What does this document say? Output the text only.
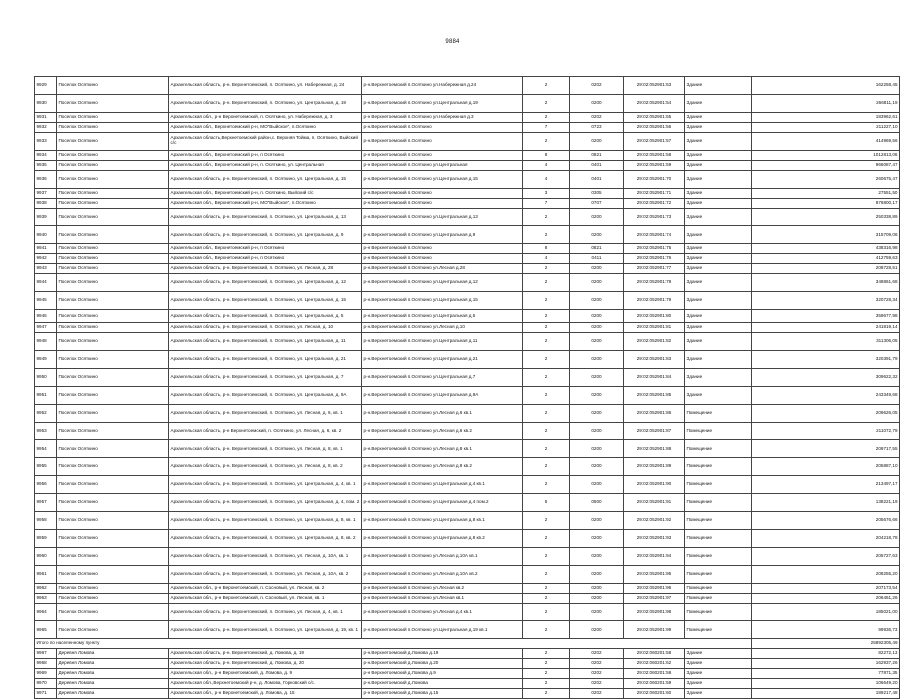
9884
9929	Поселок Осяткино	Архангельская область, р-н. Верхнетоемский, п. Осяткино, ул. Набережная, д. 24	р-н.Верхнетоемский п.Осяткино ул.Набережная д.24	2	0202	29:02:052901:53	Здание	162258,45
9930	Поселок Осяткино	Архангельская область, р-н. Верхнетоемский, п. Осяткино, ул. Центральная, д. 19	р-н.Верхнетоемский п.Осяткино ул.Центральная д.19	2	0200	29:02:052901:54	Здание	266811,19
9931	Поселок Осяткино	Архангельская обл., р-н Верхнетоемский, п. Осяткино, ул. Набережная, д. 3	р-н Верхнетоемский п.Осяткино ул.Набережная д.3	2	0202	29:02:052901:55	Здание	183962,61
9932	Поселок Осяткино	Архангельская обл., Верхнетоемский р-н, МО"Выйское", п.Осяткино	р-н.Верхнетоемский п.Осяткино	7	0723	29:02:052901:56	Здание	211227,10
9933	Поселок Осяткино	Архангельская область,Верхнетоемский район,с. Верхняя Тойма, п. Осяткино, Выйский с/с	р-н.Верхнетоемский п.Осяткино	2	0200	29:02:052901:57	Здание	414969,56
9934	Поселок Осяткино	Архангельская обл., Верхнетоемский р-н, п Осяткино	р-н Верхнетоемский п.Осяткино	8	0821	29:02:052901:58	Здание	1012813,06
9935	Поселок Осяткино	Архангельская обл., Верхнетоемский р-н, п. Осяткино, ул. Центральная	р-н Верхнетоемский п.Осяткино ул.Центральная	4	0401	29:02:052901:59	Здание	966087,47
9936	Поселок Осяткино	Архангельская область, р-н. Верхнетоемский, п. Осяткино, ул. Центральная, д. 15	р-н.Верхнетоемский п.Осяткино ул.Центральная д.15	4	0401	29:02:052901:70	Здание	260675,47
9937	Поселок Осяткино	Архангельская обл., Верхнетоемский р-н, п. Осяткино, Выйский с/с	р-н.Верхнетоемский п.Осяткино	3	0305	29:02:052901:71	Здание	27551,50
9938	Поселок Осяткино	Архангельская обл., Верхнетоемский р-н, МО"Выйское", п.Осяткино	р-н.Верхнетоемский п.Осяткино	7	0707	29:02:052901:72	Здание	876800,17
9939	Поселок Осяткино	Архангельская область, р-н. Верхнетоемский, п. Осяткино, ул. Центральная, д. 13	р-н.Верхнетоемский п.Осяткино ул.Центральная д.13	2	0200	29:02:052901:73	Здание	250338,89
9940	Поселок Осяткино	Архангельская область, р-н. Верхнетоемский, п. Осяткино, ул. Центральная, д. 9	р-н.Верхнетоемский п.Осяткино ул.Центральная д.9	2	0200	29:02:052901:74	Здание	315709,06
9941	Поселок Осяткино	Архангельская обл., Верхнетоемский р-н, п Осяткино	р-н Верхнетоемский п.Осяткино	8	0821	29:02:052901:75	Здание	438316,98
9942	Поселок Осяткино	Архангельская обл., Верхнетоемский р-н, п Осяткино	р-н Верхнетоемский п.Осяткино	4	0411	29:02:052901:76	Здание	412759,63
9943	Поселок Осяткино	Архангельская область, р-н. Верхнетоемский, п. Осяткино, ул. Лесная, д. 28	р-н.Верхнетоемский п.Осяткино ул.Лесная д.28	2	0200	29:02:052901:77	Здание	208728,51
9944	Поселок Осяткино	Архангельская область, р-н. Верхнетоемский, п. Осяткино, ул. Центральная, д. 12	р-н.Верхнетоемский п.Осяткино ул.Центральная д.12	2	0200	29:02:052901:78	Здание	348861,68
9945	Поселок Осяткино	Архангельская область, р-н. Верхнетоемский, п. Осяткино, ул. Центральная, д. 15	р-н.Верхнетоемский п.Осяткино ул.Центральная д.15	2	0200	29:02:052901:79	Здание	320728,34
9946	Поселок Осяткино	Архангельская область, р-н. Верхнетоемский, п. Осяткино, ул. Центральная, д. 5	р-н.Верхнетоемский п.Осяткино ул.Центральная д.5	2	0200	29:02:052901:80	Здание	359677,98
9947	Поселок Осяткино	Архангельская область, р-н. Верхнетоемский, п. Осяткино, ул. Лесная, д. 10	р-н.Верхнетоемский п.Осяткино ул.Лесная д.10	2	0200	29:02:052901:81	Здание	241819,14
9948	Поселок Осяткино	Архангельская область, р-н. Верхнетоемский, п. Осяткино, ул. Центральная, д. 11	р-н.Верхнетоемский п.Осяткино ул.Центральная д.11	2	0200	29:02:052901:82	Здание	311306,05
9949	Поселок Осяткино	Архангельская область, р-н. Верхнетоемский, п. Осяткино, ул. Центральная, д. 21	р-н.Верхнетоемский п.Осяткино ул.Центральная д.21	2	0200	29:02:052901:83	Здание	320391,79
9950	Поселок Осяткино	Архангельская область, р-н. Верхнетоемский, п. Осяткино, ул. Центральная, д. 7	р-н.Верхнетоемский п.Осяткино ул.Центральная д.7	2	0200	29:02:052901:84	Здание	309622,32
9951	Поселок Осяткино	Архангельская область, р-н. Верхнетоемский, п. Осяткино, ул. Центральная, д. 9А	р-н.Верхнетоемский п.Осяткино ул.Центральная д.9А	2	0200	29:02:052901:85	Здание	243349,68
9952	Поселок Осяткино	Архангельская область, р-н. Верхнетоемский, п. Осяткино, ул. Лесная, д. 6, кв. 1	р-н.Верхнетоемский п.Осяткино ул.Лесная д.6 кв.1	2	0200	29:02:052901:86	Помещение	209626,05
9953	Поселок Осяткино	Архангельская область, р-н Верхнетоемский, п. Осяткино, ул. Лесная, д. 6, кв. 2	р-н Верхнетоемский п.Осяткино ул.Лесная д.6 кв.2	2	0200	29:02:052901:87	Помещение	211072,79
9954	Поселок Осяткино	Архангельская область, р-н. Верхнетоемский, п. Осяткино, ул. Лесная, д. 8, кв. 1	р-н.Верхнетоемский п.Осяткино ул.Лесная д.8 кв.1	2	0200	29:02:052901:88	Помещение	209717,55
9955	Поселок Осяткино	Архангельская область, р-н. Верхнетоемский, п. Осяткино, ул. Лесная, д. 8, кв. 2	р-н.Верхнетоемский п.Осяткино ул.Лесная д.8 кв.2	2	0200	29:02:052901:89	Помещение	205887,10
9956	Поселок Осяткино	Архангельская область, р-н. Верхнетоемский, п. Осяткино, ул. Центральная, д. 4, кв. 1	р-н.Верхнетоемский п.Осяткино ул.Центральная д.4 кв.1	2	0200	29:02:052901:90	Помещение	213497,17
9957	Поселок Осяткино	Архангельская область, р-н. Верхнетоемский, п. Осяткино, ул. Центральная, д. 4, пом. 2	р-н.Верхнетоемский п.Осяткино ул.Центральная д.4 пом.2	5	0500	29:02:052901:91	Помещение	138221,19
9958	Поселок Осяткино	Архангельская область, р-н. Верхнетоемский, п. Осяткино, ул. Центральная, д. 8, кв. 1	р-н.Верхнетоемский п.Осяткино ул.Центральная д.8 кв.1	2	0200	29:02:052901:92	Помещение	205676,66
9959	Поселок Осяткино	Архангельская область, р-н. Верхнетоемский, п. Осяткино, ул. Центральная, д. 8, кв. 2	р-н.Верхнетоемский п.Осяткино ул.Центральная д.8 кв.2	2	0200	29:02:052901:93	Помещение	204218,78
9960	Поселок Осяткино	Архангельская область, р-н. Верхнетоемский, п. Осяткино, ул. Лесная, д. 10А, кв. 1	р-н.Верхнетоемский п.Осяткино ул.Лесная д.10А кв.1	2	0200	29:02:052901:94	Помещение	205727,63
9961	Поселок Осяткино	Архангельская область, р-н. Верхнетоемский, п. Осяткино, ул. Лесная, д. 10А, кв. 2	р-н.Верхнетоемский п.Осяткино ул.Лесная д.10А кв.2	2	0200	29:02:052901:95	Помещение	208255,20
9962	Поселок Осяткино	Архангельская обл., р-н Верхнетоемский, п. Сосновый, ул. Лесная, кв. 2	р-н Верхнетоемский п.Осяткино ул.Лесная кв.2	2	0200	29:02:052901:96	Помещение	207173,54
9963	Поселок Осяткино	Архангельская обл., р-н Верхнетоемский, п. Сосновый, ул. Лесная, кв. 1	р-н Верхнетоемский п.Осяткино ул.Лесная кв.1	2	0200	29:02:052901:97	Помещение	206451,26
9964	Поселок Осяткино	Архангельская область, р-н. Верхнетоемский, п. Осяткино, ул. Лесная, д. 4, кв. 1	р-н.Верхнетоемский п.Осяткино ул.Лесная д.4 кв.1	2	0200	29:02:052901:98	Помещение	185021,00
9965	Поселок Осяткино	Архангельская область, р-н. Верхнетоемский, п. Осяткино, ул. Центральная, д. 19, кв. 1	р-н.Верхнетоемский п.Осяткино ул.Центральная д.19 кв.1	2	0200	29:02:052901:99	Помещение	99936,73
Итого по населенному пункту								25892305,49
9967	Деревня Ломова	Архангельская область, р-н. Верхнетоемский, д. Ломова, д. 19	р-н.Верхнетоемский д.Ломова д.19	2	0202	29:02:060201:58	Здание	82272,13
9968	Деревня Ломова	Архангельская область, р-н. Верхнетоемский, д. Ломова, д. 20	р-н.Верхнетоемский д.Ломова д.20	2	0202	29:02:060201:62	Здание	162937,26
9969	Деревня Ломова	Архангельская обл., р-н Верхнетоемский, д. Ломова, д. 9	р-н Верхнетоемский д.Ломова д.9	2	0202	29:02:060201:58	Здание	77871,35
9970	Деревня Ломова	Архангельская обл.,Верхнетоемский р-н, д. Ломова, Горковский с/с.	р-н.Верхнетоемский д.Ломова	2	0202	29:02:060201:59	Здание	106649,20
9971	Деревня Ломова	Архангельская обл., р-н Верхнетоемский, д. Ломова, д. 15	р-н Верхнетоемский д.Ломова д.15	2	0202	29:02:060201:60	Здание	189217,48
